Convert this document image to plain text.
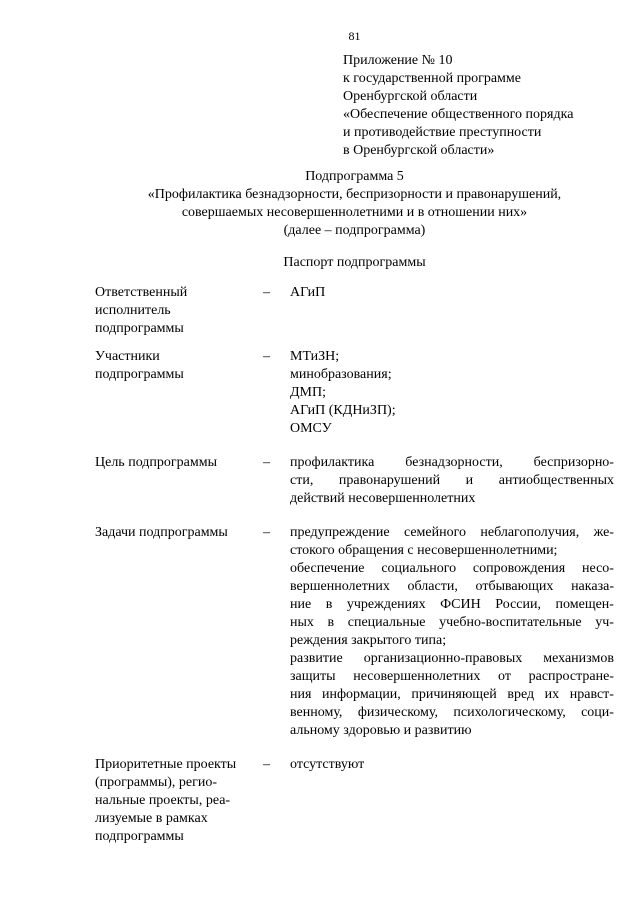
81
Приложение № 10
к государственной программе
Оренбургской области
«Обеспечение общественного порядка
и противодействие преступности
в Оренбургской области»
Подпрограмма 5
«Профилактика безнадзорности, беспризорности и правонарушений,
совершаемых несовершеннолетними и в отношении них»
(далее – подпрограмма)
Паспорт подпрограммы
Ответственный
исполнитель
подпрограммы
–	АГиП
Участники
подпрограммы
–	МТиЗН;
минобразования;
ДМП;
АГиП (КДНиЗП);
ОМСУ
Цель подпрограммы	–	профилактика безнадзорности, беспризорно-
сти, правонарушений и антиобщественных
действий несовершеннолетних
Задачи подпрограммы	–	предупреждение семейного неблагополучия, же-
стокого обращения с несовершеннолетними;
обеспечение социального сопровождения несо-
вершеннолетних области, отбывающих наказа-
ние в учреждениях ФСИН России, помещен-
ных в специальные учебно-воспитательные уч-
реждения закрытого типа;
развитие организационно-правовых механизмов
защиты несовершеннолетних от распростране-
ния информации, причиняющей вред их нравст-
венному, физическому, психологическому, соци-
альному здоровью и развитию
Приоритетные проекты
(программы), регио-
нальные проекты, реа-
лизуемые в рамках
подпрограммы
–	отсутствуют
